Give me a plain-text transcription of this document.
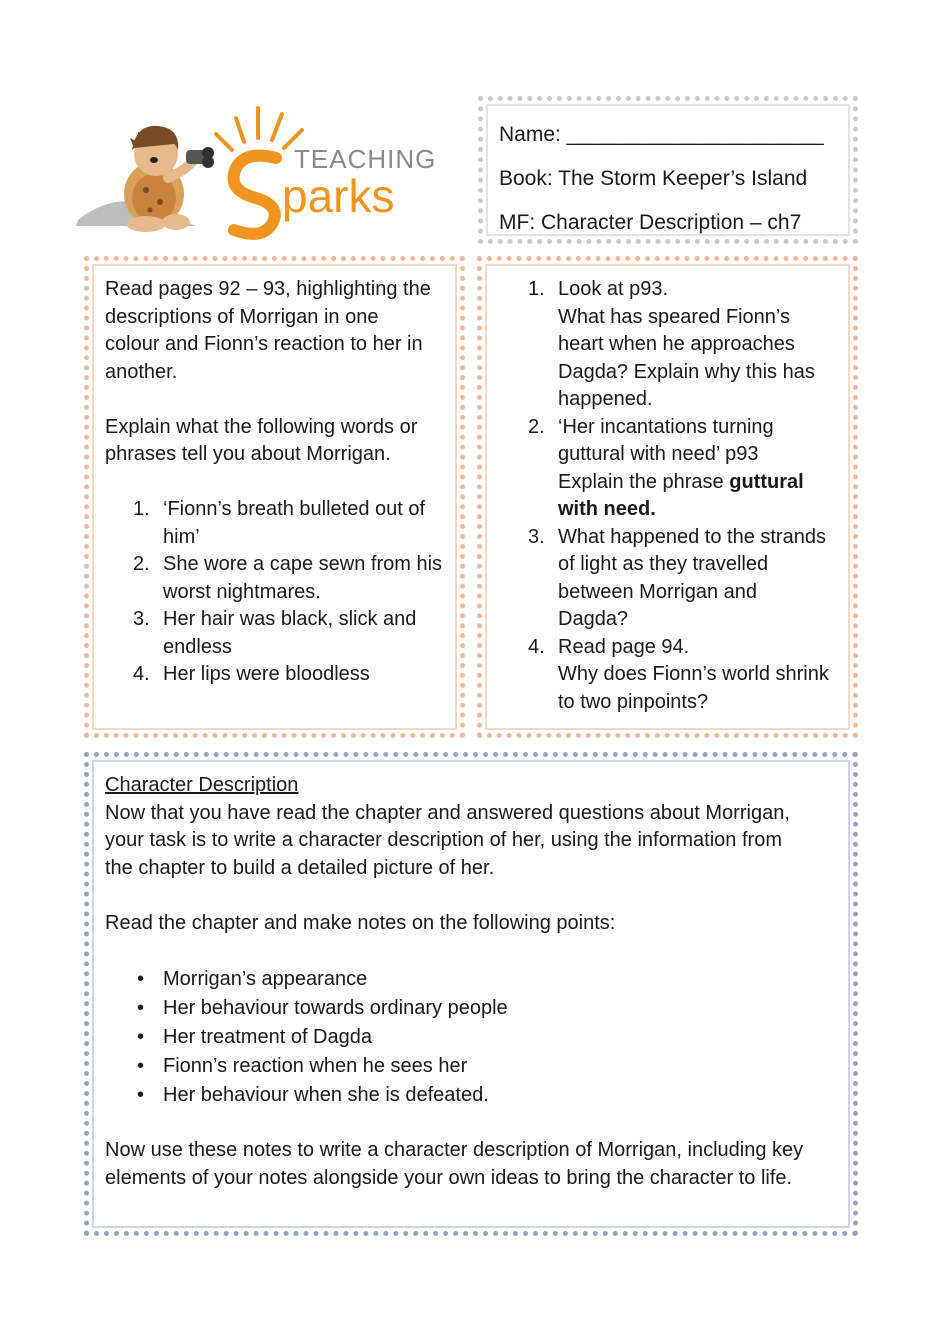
TEACHING
parks

Name: ______________________

Book: The Storm Keeper’s Island

MF: Character Description – ch7

Read pages 92 – 93, highlighting the

descriptions of Morrigan in one

colour and Fionn’s reaction to her in

another.

Explain what the following words or

phrases tell you about Morrigan.

1. ‘Fionn’s breath bulleted out of
him’
2. She wore a cape sewn from his
worst nightmares.
3. Her hair was black, slick and
endless
4. Her lips were bloodless
1. Look at p93.
What has speared Fionn’s
heart when he approaches
Dagda? Explain why this has
happened.
2. ‘Her incantations turning
guttural with need’ p93
Explain the phrase guttural
with need.
3. What happened to the strands
of light as they travelled
between Morrigan and
Dagda?
4. Read page 94.
Why does Fionn’s world shrink
to two pinpoints?

Character Description

Now that you have read the chapter and answered questions about Morrigan,

your task is to write a character description of her, using the information from

the chapter to build a detailed picture of her.

Read the chapter and make notes on the following points:

• Morrigan’s appearance
• Her behaviour towards ordinary people
• Her treatment of Dagda
• Fionn’s reaction when he sees her
• Her behaviour when she is defeated.

Now use these notes to write a character description of Morrigan, including key

elements of your notes alongside your own ideas to bring the character to life.
